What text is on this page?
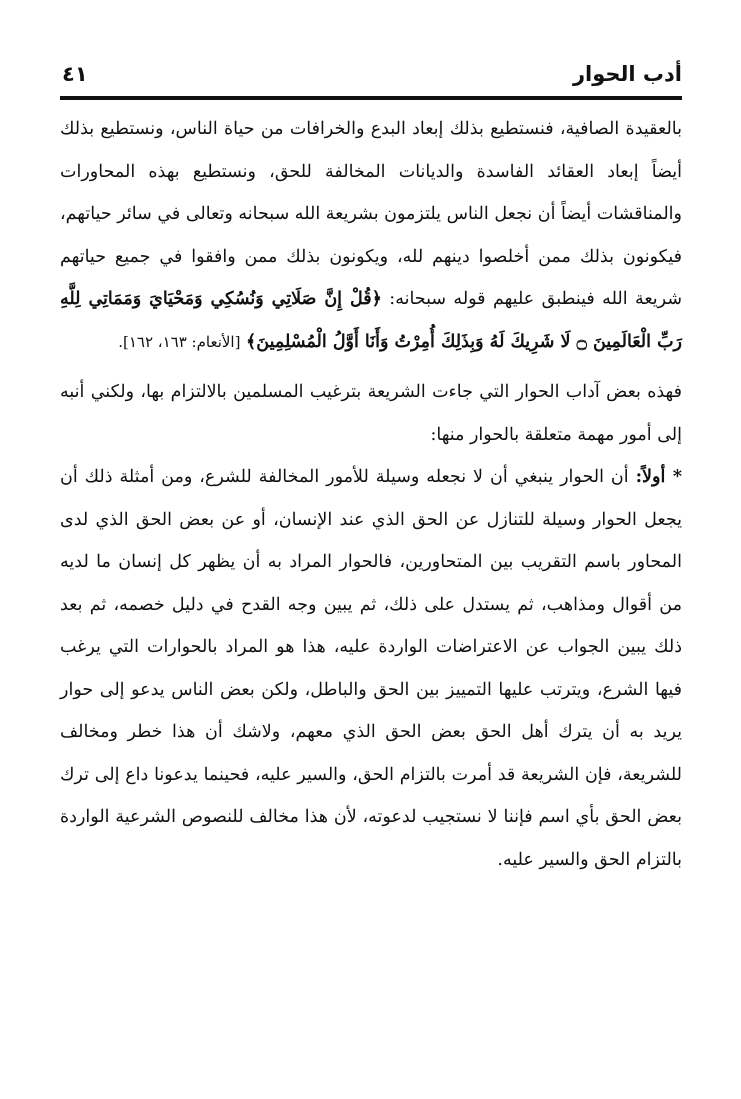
أدب الحوار
٤١

بالعقيدة الصافية، فنستطيع بذلك إبعاد البدع والخرافات من حياة الناس، ونستطيع بذلك أيضاً إبعاد العقائد الفاسدة والديانات المخالفة للحق، ونستطيع بهذه المحاورات والمناقشات أيضاً أن نجعل الناس يلتزمون بشريعة الله سبحانه وتعالى في سائر حياتهم، فيكونون بذلك ممن أخلصوا دينهم لله، ويكونون بذلك ممن وافقوا في جميع حياتهم شريعة الله فينطبق عليهم قوله سبحانه: ﴿قُلْ إِنَّ صَلَاتِي وَنُسُكِي وَمَحْيَايَ وَمَمَاتِي لِلَّهِ رَبِّ الْعَالَمِينَ ۝ لَا شَرِيكَ لَهُ وَبِذَلِكَ أُمِرْتُ وَأَنَا أَوَّلُ الْمُسْلِمِينَ﴾ [الأنعام: ١٦٣، ١٦٢].

فهذه بعض آداب الحوار التي جاءت الشريعة بترغيب المسلمين بالالتزام بها، ولكني أنبه إلى أمور مهمة متعلقة بالحوار منها:

* أولاً: أن الحوار ينبغي أن لا نجعله وسيلة للأمور المخالفة للشرع، ومن أمثلة ذلك أن يجعل الحوار وسيلة للتنازل عن الحق الذي عند الإنسان، أو عن بعض الحق الذي لدى المحاور باسم التقريب بين المتحاورين، فالحوار المراد به أن يظهر كل إنسان ما لديه من أقوال ومذاهب، ثم يستدل على ذلك، ثم يبين وجه القدح في دليل خصمه، ثم بعد ذلك يبين الجواب عن الاعتراضات الواردة عليه، هذا هو المراد بالحوارات التي يرغب فيها الشرع، ويترتب عليها التمييز بين الحق والباطل، ولكن بعض الناس يدعو إلى حوار يريد به أن يترك أهل الحق بعض الحق الذي معهم، ولاشك أن هذا خطر ومخالف للشريعة، فإن الشريعة قد أمرت بالتزام الحق، والسير عليه، فحينما يدعونا داع إلى ترك بعض الحق بأي اسم فإننا لا نستجيب لدعوته، لأن هذا مخالف للنصوص الشرعية الواردة بالتزام الحق والسير عليه.
